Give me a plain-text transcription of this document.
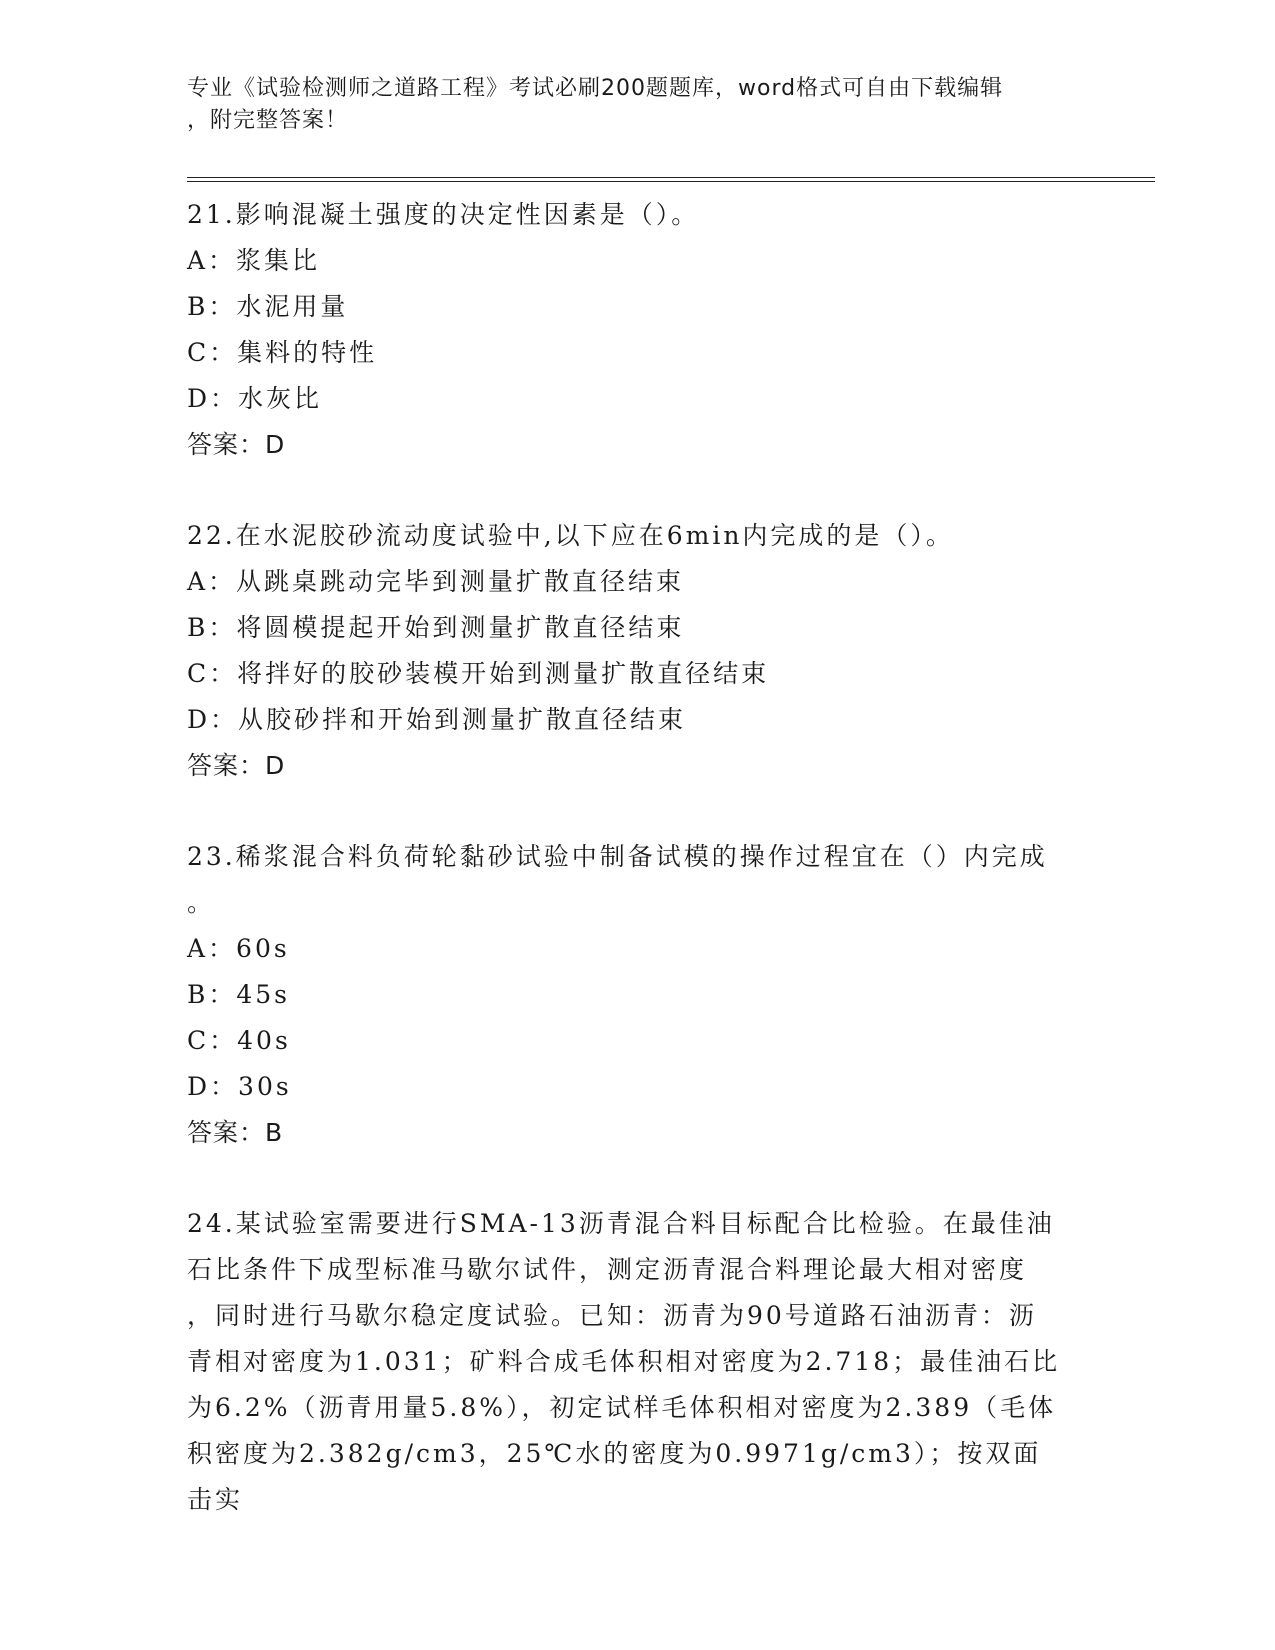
专业《试验检测师之道路工程》考试必刷200题题库，word格式可自由下载编辑
，附完整答案！
21.影响混凝土强度的决定性因素是（）。
A：浆集比
B：水泥用量
C：集料的特性
D：水灰比
答案：D
22.在水泥胶砂流动度试验中,以下应在6min内完成的是（）。
A：从跳桌跳动完毕到测量扩散直径结束
B：将圆模提起开始到测量扩散直径结束
C：将拌好的胶砂装模开始到测量扩散直径结束
D：从胶砂拌和开始到测量扩散直径结束
答案：D
23.稀浆混合料负荷轮黏砂试验中制备试模的操作过程宜在（）内完成
。
A：60s
B：45s
C：40s
D：30s
答案：B
24.某试验室需要进行SMA-13沥青混合料目标配合比检验。在最佳油
石比条件下成型标准马歇尔试件，测定沥青混合料理论最大相对密度
，同时进行马歇尔稳定度试验。已知：沥青为90号道路石油沥青：沥
青相对密度为1.031；矿料合成毛体积相对密度为2.718；最佳油石比
为6.2%（沥青用量5.8%），初定试样毛体积相对密度为2.389（毛体
积密度为2.382g/cm3，25℃水的密度为0.9971g/cm3）；按双面击实
